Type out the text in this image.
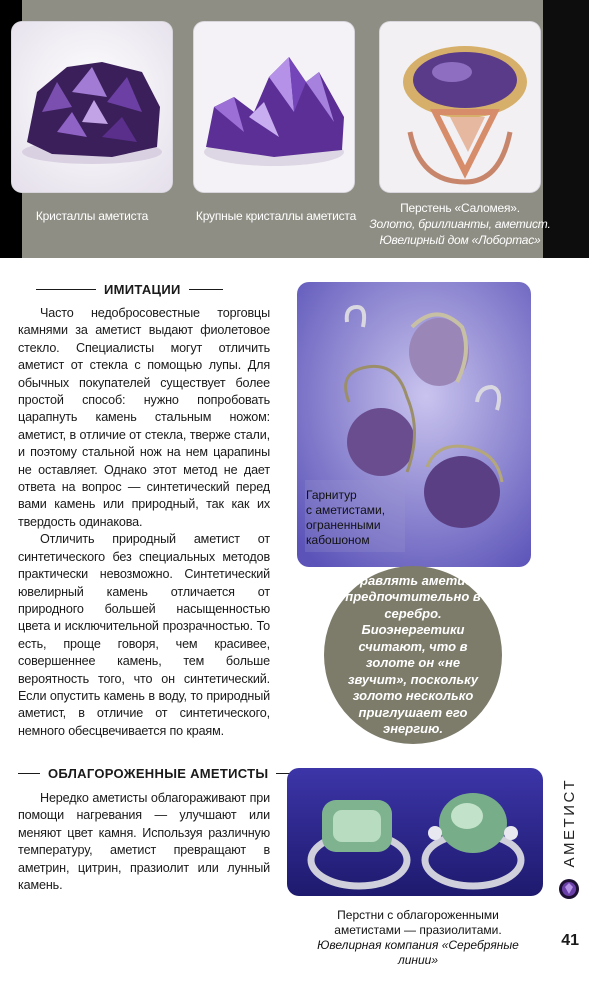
Кристаллы аметиста	Крупные кристаллы аметиста
Перстень «Саломея».
Золото, бриллианты, аметист.
Ювелирный дом «Лобортас»
ИМИТАЦИИ

Часто недобросовестные торговцы камнями за аметист выдают фиолетовое стекло. Специалисты могут отличить аметист от стекла с помощью лупы. Для обычных покупателей существует более простой способ: нужно попробовать царапнуть камень стальным ножом: аметист, в отличие от стекла, тверже стали, и поэтому стальной нож на нем царапины не оставляет. Однако этот метод не дает ответа на вопрос — синтетический перед вами камень или природный, так как их твердость одинакова.

Отличить природный аметист от синтетического без специальных методов практически невозможно. Синтетический ювелирный камень отличается от природного большей насыщенностью цвета и исключительной прозрачностью. То есть, проще говоря, чем красивее, совершеннее камень, тем больше вероятность того, что он синтетический. Если опустить камень в воду, то природный аметист, в отличие от синтетического, немного обесцвечивается по краям.

Гарнитур
с аметистами,
ограненными
кабошоном
Оправлять аметист предпочтительно в серебро. Биоэнергетики считают, что в золоте он «не звучит», поскольку золото несколько приглушает его энергию.
ОБЛАГОРОЖЕННЫЕ АМЕТИСТЫ

Нередко аметисты облагораживают при помощи нагревания — улучшают или меняют цвет камня. Используя различную температуру, аметист превращают в аметрин, цитрин, празиолит или лунный камень.

Перстни с облагороженными
аметистами — празиолитами.
Ювелирная компания «Серебряные линии»
АМЕТИСТ
41
